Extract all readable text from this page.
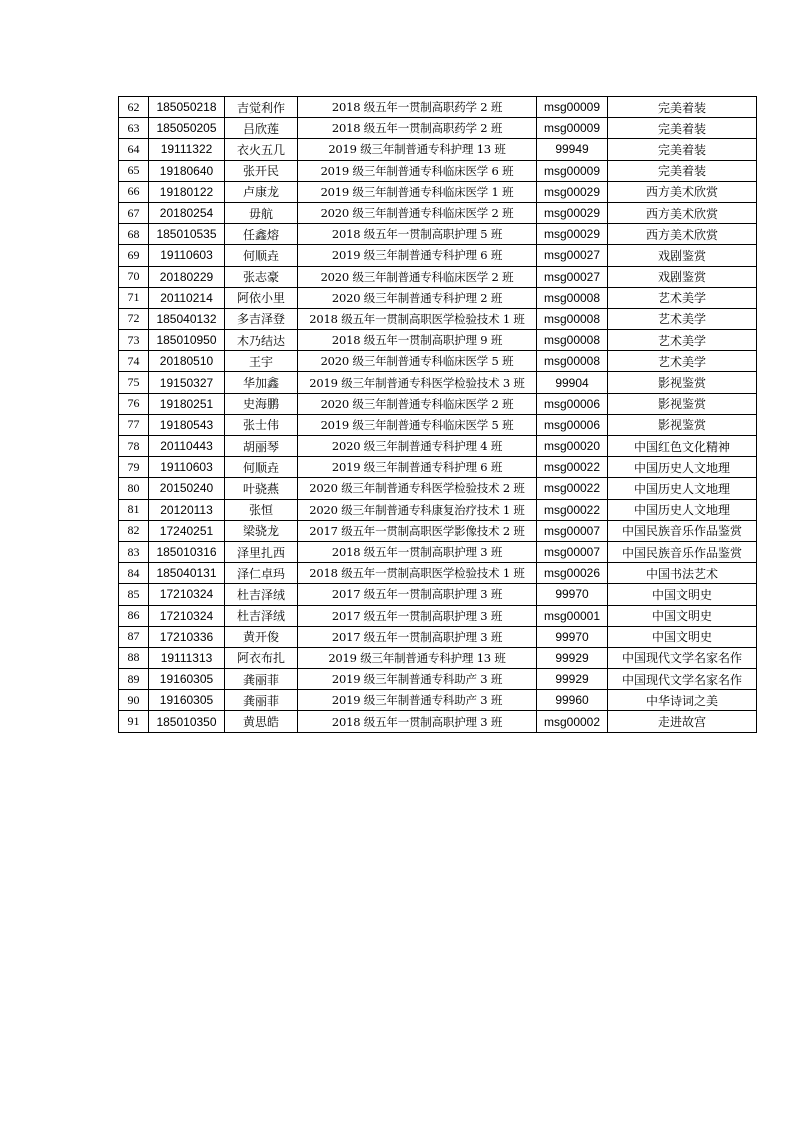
62	185050218	吉觉利作	2018 级五年一贯制高职药学 2 班	msg00009	完美着装
63	185050205	吕欣莲	2018 级五年一贯制高职药学 2 班	msg00009	完美着装
64	19111322	衣火五几	2019 级三年制普通专科护理 13 班	99949	完美着装
65	19180640	张开民	2019 级三年制普通专科临床医学 6 班	msg00009	完美着装
66	19180122	卢康龙	2019 级三年制普通专科临床医学 1 班	msg00029	西方美术欣赏
67	20180254	毋航	2020 级三年制普通专科临床医学 2 班	msg00029	西方美术欣赏
68	185010535	任鑫熔	2018 级五年一贯制高职护理 5 班	msg00029	西方美术欣赏
69	19110603	何顺垚	2019 级三年制普通专科护理 6 班	msg00027	戏剧鉴赏
70	20180229	张志豪	2020 级三年制普通专科临床医学 2 班	msg00027	戏剧鉴赏
71	20110214	阿依小里	2020 级三年制普通专科护理 2 班	msg00008	艺术美学
72	185040132	多吉泽登	2018 级五年一贯制高职医学检验技术 1 班	msg00008	艺术美学
73	185010950	木乃结达	2018 级五年一贯制高职护理 9 班	msg00008	艺术美学
74	20180510	王宇	2020 级三年制普通专科临床医学 5 班	msg00008	艺术美学
75	19150327	华加鑫	2019 级三年制普通专科医学检验技术 3 班	99904	影视鉴赏
76	19180251	史海鹏	2020 级三年制普通专科临床医学 2 班	msg00006	影视鉴赏
77	19180543	张士伟	2019 级三年制普通专科临床医学 5 班	msg00006	影视鉴赏
78	20110443	胡丽琴	2020 级三年制普通专科护理 4 班	msg00020	中国红色文化精神
79	19110603	何顺垚	2019 级三年制普通专科护理 6 班	msg00022	中国历史人文地理
80	20150240	叶骁燕	2020 级三年制普通专科医学检验技术 2 班	msg00022	中国历史人文地理
81	20120113	张恒	2020 级三年制普通专科康复治疗技术 1 班	msg00022	中国历史人文地理
82	17240251	梁骁龙	2017 级五年一贯制高职医学影像技术 2 班	msg00007	中国民族音乐作品鉴赏
83	185010316	泽里扎西	2018 级五年一贯制高职护理 3 班	msg00007	中国民族音乐作品鉴赏
84	185040131	泽仁卓玛	2018 级五年一贯制高职医学检验技术 1 班	msg00026	中国书法艺术
85	17210324	杜吉泽绒	2017 级五年一贯制高职护理 3 班	99970	中国文明史
86	17210324	杜吉泽绒	2017 级五年一贯制高职护理 3 班	msg00001	中国文明史
87	17210336	黄开俊	2017 级五年一贯制高职护理 3 班	99970	中国文明史
88	19111313	阿衣布扎	2019 级三年制普通专科护理 13 班	99929	中国现代文学名家名作
89	19160305	龚丽菲	2019 级三年制普通专科助产 3 班	99929	中国现代文学名家名作
90	19160305	龚丽菲	2019 级三年制普通专科助产 3 班	99960	中华诗词之美
91	185010350	黄思皓	2018 级五年一贯制高职护理 3 班	msg00002	走进故宫
